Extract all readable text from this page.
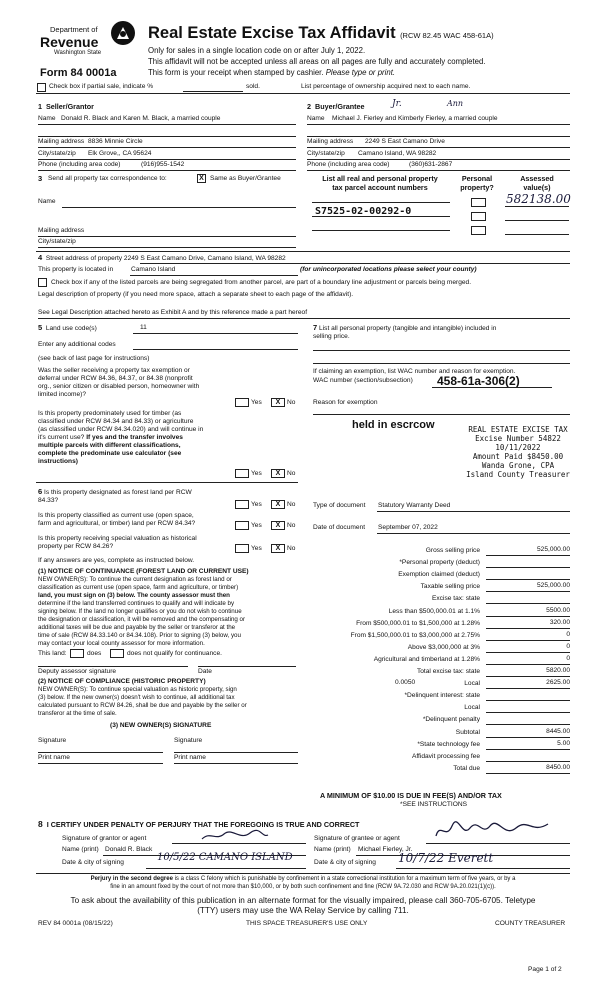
Department of
Revenue
Washington State
Form 84 0001a
Real Estate Excise Tax Affidavit (RCW 82.45 WAC 458-61A)
Only for sales in a single location code on or after July 1, 2022.
This affidavit will not be accepted unless all areas on all pages are fully and accurately completed.
This form is your receipt when stamped by cashier. Please type or print.
Check box if partial sale, indicate %	sold.	List percentage of ownership acquired next to each name.
1 Seller/Grantor
Name Donald R. Black and Karen M. Black, a married couple
Mailing address 8836 Minnie Circle
City/state/zip Elk Grove,, CA 95624
Phone (including area code)	(916)955-1542
2 Buyer/Grantee	Jr.	Ann
Name Michael J. Fierley and Kimberly Fierley, a married couple
Mailing address 2249 S East Camano Drive
City/state/zip Camano Island, WA 98282
Phone (including area code)	(360)631-2867
3 Send all property tax correspondence to:	X Same as Buyer/Grantee
Name
Mailing address
City/state/zip
List all real and personal property
tax parcel account numbers
Personal
property?
Assessed
value(s)
S7525-02-00292-0
582138.00
4 Street address of property 2249 S East Camano Drive, Camano Island, WA 98282
This property is located in	Camano Island	(for unincorporated locations please select your county)
Check box if any of the listed parcels are being segregated from another parcel, are part of a boundary line adjustment or parcels being merged.
Legal description of property (if you need more space, attach a separate sheet to each page of the affidavit).
See Legal Description attached hereto as Exhibit A and by this reference made a part hereof
5 Land use code(s)	11
Enter any additional codes
(see back of last page for instructions)
Was the seller receiving a property tax exemption or
deferral under RCW 84.36, 84.37, or 84.38 (nonprofit
org., senior citizen or disabled person, homeowner with
limited income)?
Yes	X	No
Is this property predominately used for timber (as
classified under RCW 84.34 and 84.33) or agriculture
(as classified under RCW 84.34.020) and will continue in
it's current use? If yes and the transfer involves
multiple parcels with different classifications,
complete the predominate use calculator (see
instructions)
Yes	X	No
6 Is this property designated as forest land per RCW
84.33?
Yes	X	No
Is this property classified as current use (open space,
farm and agricultural, or timber) land per RCW 84.34?	Yes	X	No
Is this property receiving special valuation as historical
property per RCW 84.26?	Yes	X	No
If any answers are yes, complete as instructed below.
(1) NOTICE OF CONTINUANCE (FOREST LAND OR CURRENT USE)
NEW OWNER(S): To continue the current designation as forest land or
classification as current use (open space, farm and agriculture, or timber)
land, you must sign on (3) below. The county assessor must then
determine if the land transferred continues to qualify and will indicate by
signing below. If the land no longer qualifies or you do not wish to continue
the designation or classification, it will be removed and the compensating or
additional taxes will be due and payable by the seller or transferor at the
time of sale (RCW 84.33.140 or 84.34.108). Prior to signing (3) below, you
may contact your local county assessor for more information.
This land:	does	does not qualify for continuance.
Deputy assessor signature	Date
(2) NOTICE OF COMPLIANCE (HISTORIC PROPERTY)
NEW OWNER(S): To continue special valuation as historic property, sign
(3) below. If the new owner(s) doesn't wish to continue, all additional tax
calculated pursuant to RCW 84.26, shall be due and payable by the seller or
transferor at the time of sale.
(3) NEW OWNER(S) SIGNATURE
Signature	Signature
Print name	Print name
7 List all personal property (tangible and intangible) included in
selling price.
If claiming an exemption, list WAC number and reason for exemption.
WAC number (section/subsection) 458-61a-306(2)
Reason for exemption
held in escrcow	REAL ESTATE EXCISE TAX
Excise Number 54822
10/11/2022
Amount Paid $8450.00
Wanda Grone, CPA
Island County Treasurer
Type of document Statutory Warranty Deed
Date of document September 07, 2022
Gross selling price	525,000.00
*Personal property (deduct)
Exemption claimed (deduct)
Taxable selling price	525,000.00
Excise tax: state
Less than $500,000.01 at 1.1%	5500.00
From $500,000.01 to $1,500,000 at 1.28%	320.00
From $1,500,000.01 to $3,000,000 at 2.75%	0
Above $3,000,000 at 3%	0
Agricultural and timberland at 1.28%	0
Total excise tax: state	5820.00
Local	2625.00
*Delinquent interest: state
Local
*Delinquent penalty
Subtotal	8445.00
*State technology fee	5.00
Affidavit processing fee
Total due	8450.00
0.0050
A MINIMUM OF $10.00 IS DUE IN FEE(S) AND/OR TAX
*SEE INSTRUCTIONS
8 I CERTIFY UNDER PENALTY OF PERJURY THAT THE FOREGOING IS TRUE AND CORRECT
Signature of grantor or agent
Name (print) Donald R. Black
Date & city of signing	10/5/22 CAMANO ISLAND
Signature of grantee or agent
Name (print) Michael Fierley, Jr.
Date & city of signing 10/7/22 Everett
Perjury in the second degree is a class C felony which is punishable by confinement in a state correctional institution for a maximum term of five years, or by a
fine in an amount fixed by the court of not more than $10,000, or by both such confinement and fine (RCW 9A.72.030 and RCW 9A.20.021(1)(c)).
To ask about the availability of this publication in an alternate format for the visually impaired, please call 360-705-6705. Teletype
(TTY) users may use the WA Relay Service by calling 711.
REV 84 0001a (08/15/22)	THIS SPACE TREASURER'S USE ONLY	COUNTY TREASURER
Page 1 of 2
